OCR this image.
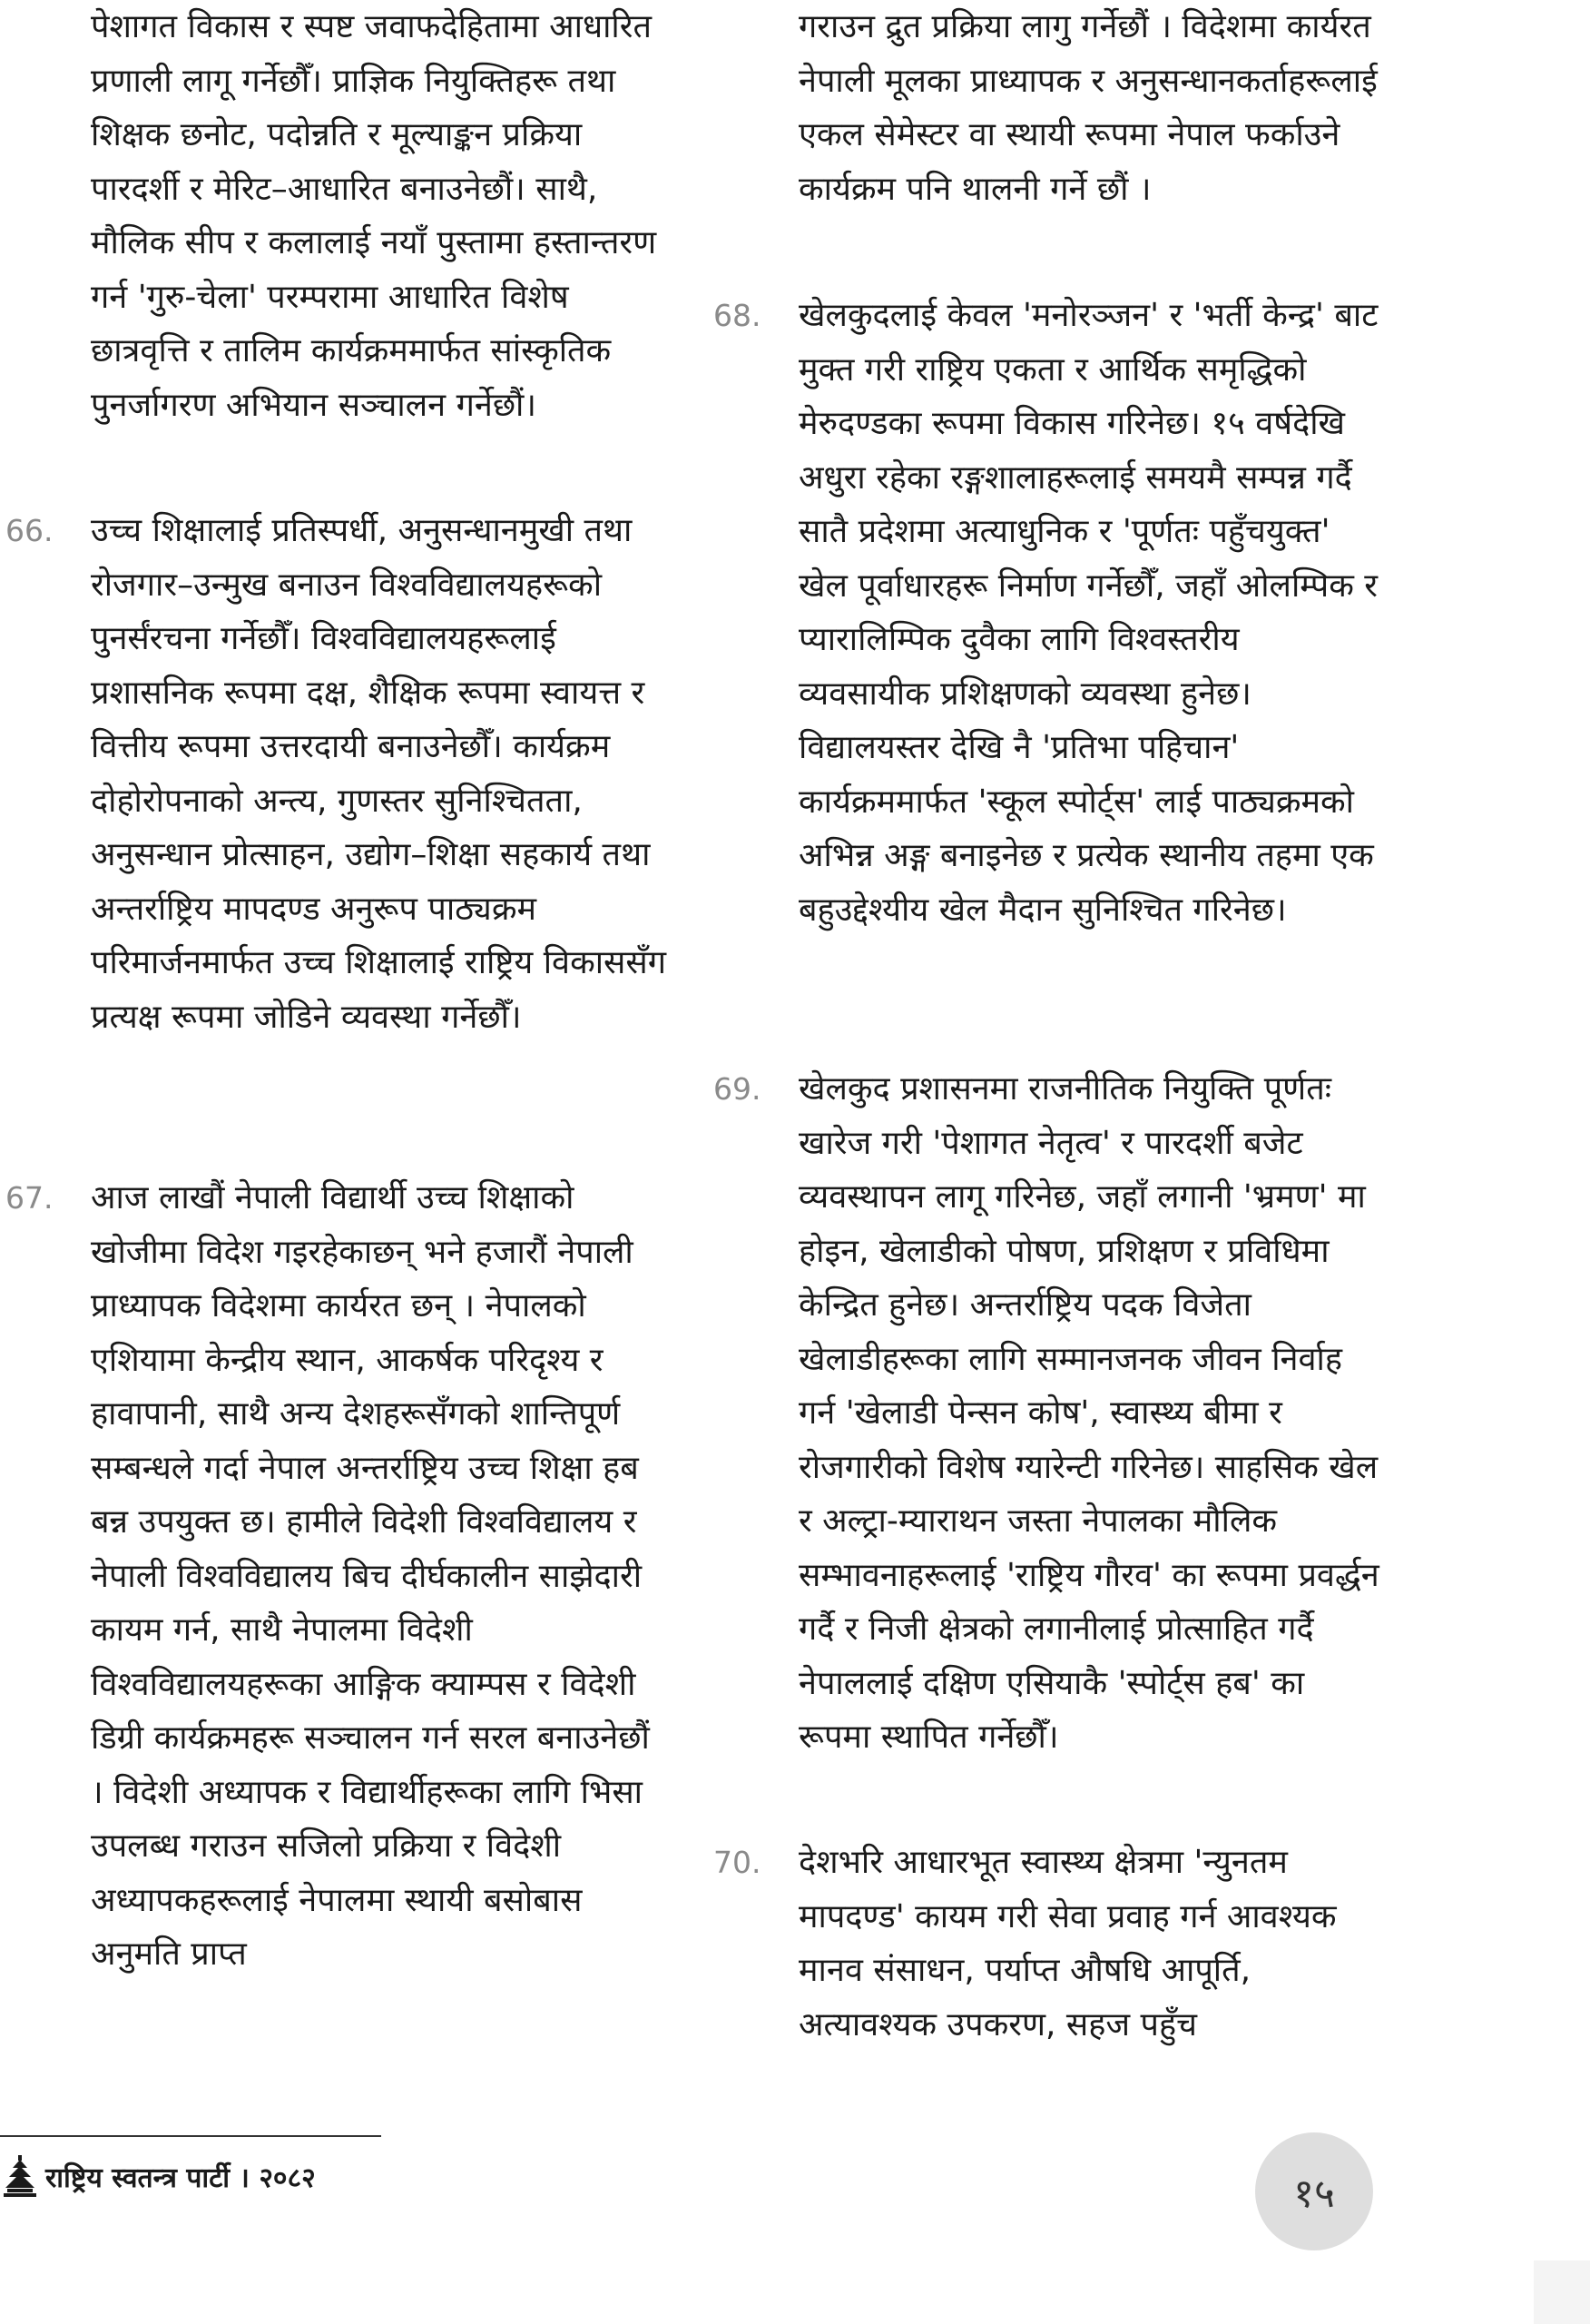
पेशागत विकास र स्पष्ट जवाफदेहितामा आधारित प्रणाली लागू गर्नेछौँ। प्राज्ञिक नियुक्तिहरू तथा शिक्षक छनोट, पदोन्नति र मूल्याङ्कन प्रक्रिया पारदर्शी र मेरिट–आधारित बनाउनेछौं। साथै, मौलिक सीप र कलालाई नयाँ पुस्तामा हस्तान्तरण गर्न 'गुरु-चेला' परम्परामा आधारित विशेष छात्रवृत्ति र तालिम कार्यक्रममार्फत सांस्कृतिक पुनर्जागरण अभियान सञ्चालन गर्नेछौं।

66. उच्च शिक्षालाई प्रतिस्पर्धी, अनुसन्धानमुखी तथा रोजगार–उन्मुख बनाउन विश्वविद्यालयहरूको पुनर्संरचना गर्नेछौँ। विश्वविद्यालयहरूलाई प्रशासनिक रूपमा दक्ष, शैक्षिक रूपमा स्वायत्त र वित्तीय रूपमा उत्तरदायी बनाउनेछौँ। कार्यक्रम दोहोरोपनाको अन्त्य, गुणस्तर सुनिश्चितता, अनुसन्धान प्रोत्साहन, उद्योग–शिक्षा सहकार्य तथा अन्तर्राष्ट्रिय मापदण्ड अनुरूप पाठ्यक्रम परिमार्जनमार्फत उच्च शिक्षालाई राष्ट्रिय विकाससँग प्रत्यक्ष रूपमा जोडिने व्यवस्था गर्नेछौँ।

67. आज लाखौं नेपाली विद्यार्थी उच्च शिक्षाको खोजीमा विदेश गइरहेकाछन् भने हजारौं नेपाली प्राध्यापक विदेशमा कार्यरत छन् । नेपालको एशियामा केन्द्रीय स्थान, आकर्षक परिदृश्य र हावापानी, साथै अन्य देशहरूसँगको शान्तिपूर्ण सम्बन्धले गर्दा नेपाल अन्तर्राष्ट्रिय उच्च शिक्षा हब बन्न उपयुक्त छ। हामीले विदेशी विश्वविद्यालय र नेपाली विश्वविद्यालय बिच दीर्घकालीन साझेदारी कायम गर्न, साथै नेपालमा विदेशी विश्वविद्यालयहरूका आङ्गिक क्याम्पस र विदेशी डिग्री कार्यक्रमहरू सञ्चालन गर्न सरल बनाउनेछौं । विदेशी अध्यापक र विद्यार्थीहरूका लागि भिसा उपलब्ध गराउन सजिलो प्रक्रिया र विदेशी अध्यापकहरूलाई नेपालमा स्थायी बसोबास अनुमति प्राप्त

गराउन द्रुत प्रक्रिया लागु गर्नेछौं । विदेशमा कार्यरत नेपाली मूलका प्राध्यापक र अनुसन्धानकर्ताहरूलाई एकल सेमेस्टर वा स्थायी रूपमा नेपाल फर्काउने कार्यक्रम पनि थालनी गर्ने छौं ।

68. खेलकुदलाई केवल 'मनोरञ्जन' र 'भर्ती केन्द्र' बाट मुक्त गरी राष्ट्रिय एकता र आर्थिक समृद्धिको मेरुदण्डका रूपमा विकास गरिनेछ। १५ वर्षदेखि अधुरा रहेका रङ्गशालाहरूलाई समयमै सम्पन्न गर्दै सातै प्रदेशमा अत्याधुनिक र 'पूर्णतः पहुँचयुक्त' खेल पूर्वाधारहरू निर्माण गर्नेछौँ, जहाँ ओलम्पिक र प्यारालिम्पिक दुवैका लागि विश्वस्तरीय व्यवसायीक प्रशिक्षणको व्यवस्था हुनेछ। विद्यालयस्तर देखि नै 'प्रतिभा पहिचान' कार्यक्रममार्फत 'स्कूल स्पोर्ट्स' लाई पाठ्यक्रमको अभिन्न अङ्ग बनाइनेछ र प्रत्येक स्थानीय तहमा एक बहुउद्देश्यीय खेल मैदान सुनिश्चित गरिनेछ।

69. खेलकुद प्रशासनमा राजनीतिक नियुक्ति पूर्णतः खारेज गरी 'पेशागत नेतृत्व' र पारदर्शी बजेट व्यवस्थापन लागू गरिनेछ, जहाँ लगानी 'भ्रमण' मा होइन, खेलाडीको पोषण, प्रशिक्षण र प्रविधिमा केन्द्रित हुनेछ। अन्तर्राष्ट्रिय पदक विजेता खेलाडीहरूका लागि सम्मानजनक जीवन निर्वाह गर्न 'खेलाडी पेन्सन कोष', स्वास्थ्य बीमा र रोजगारीको विशेष ग्यारेन्टी गरिनेछ। साहसिक खेल र अल्ट्रा-म्याराथन जस्ता नेपालका मौलिक सम्भावनाहरूलाई 'राष्ट्रिय गौरव' का रूपमा प्रवर्द्धन गर्दै र निजी क्षेत्रको लगानीलाई प्रोत्साहित गर्दै नेपाललाई दक्षिण एसियाकै 'स्पोर्ट्स हब' का रूपमा स्थापित गर्नेछौँ।

70. देशभरि आधारभूत स्वास्थ्य क्षेत्रमा 'न्युनतम मापदण्ड' कायम गरी सेवा प्रवाह गर्न आवश्यक मानव संसाधन, पर्याप्त औषधि आपूर्ति, अत्यावश्यक उपकरण, सहज पहुँच

राष्ट्रिय स्वतन्त्र पार्टी । २०८२	१५
